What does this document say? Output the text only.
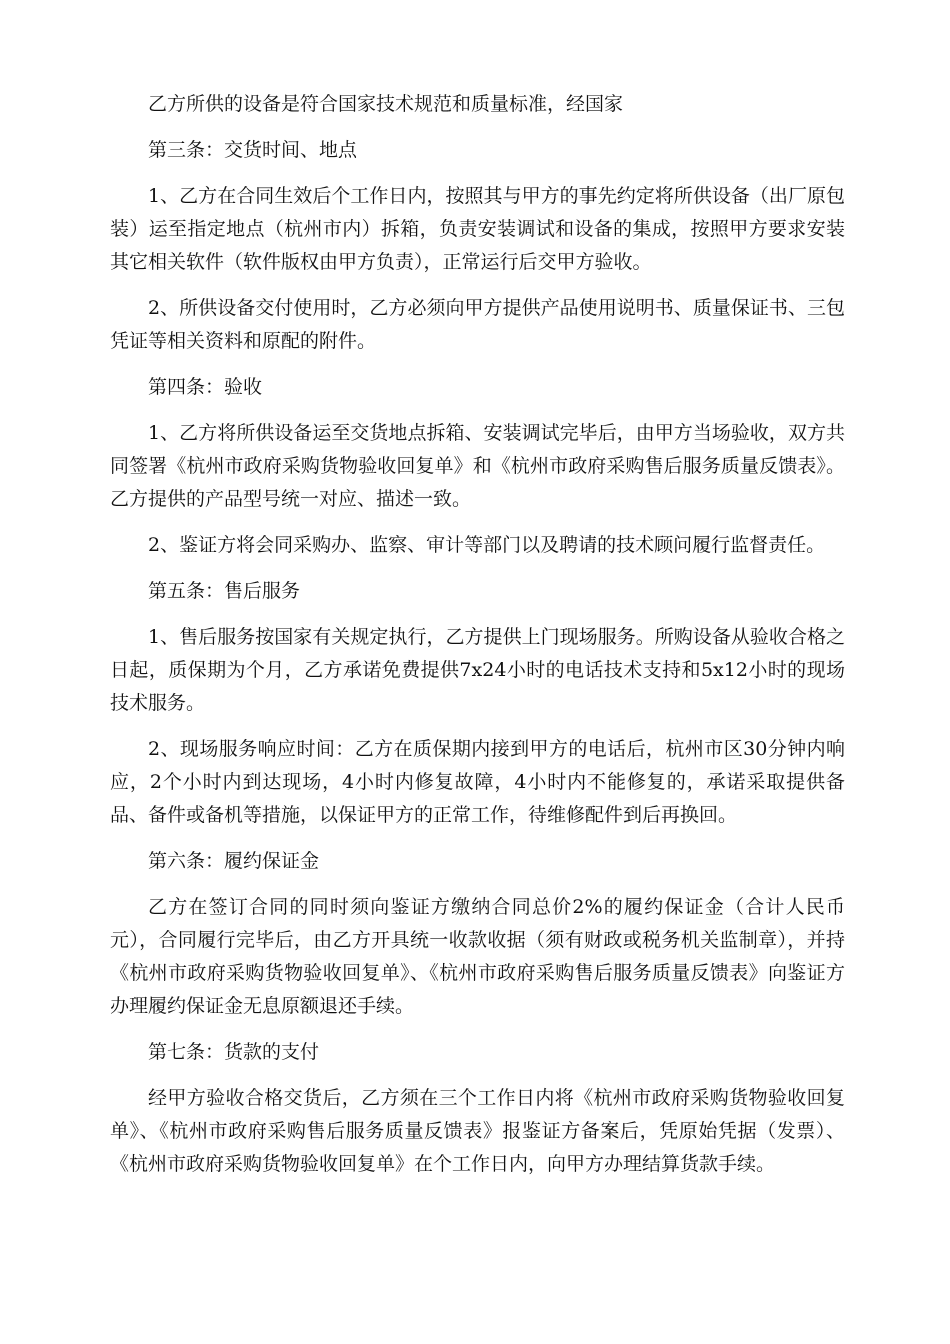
乙方所供的设备是符合国家技术规范和质量标准，经国家

第三条：交货时间、地点

1、乙方在合同生效后个工作日内，按照其与甲方的事先约定将所供设备（出厂原包装）运至指定地点（杭州市内）拆箱，负责安装调试和设备的集成，按照甲方要求安装其它相关软件（软件版权由甲方负责），正常运行后交甲方验收。

2、所供设备交付使用时，乙方必须向甲方提供产品使用说明书、质量保证书、三包凭证等相关资料和原配的附件。

第四条：验收

1、乙方将所供设备运至交货地点拆箱、安装调试完毕后，由甲方当场验收，双方共同签署《杭州市政府采购货物验收回复单》和《杭州市政府采购售后服务质量反馈表》。乙方提供的产品型号统一对应、描述一致。

2、鉴证方将会同采购办、监察、审计等部门以及聘请的技术顾问履行监督责任。

第五条：售后服务

1、售后服务按国家有关规定执行，乙方提供上门现场服务。所购设备从验收合格之日起，质保期为个月，乙方承诺免费提供7x24小时的电话技术支持和5x12小时的现场技术服务。

2、现场服务响应时间：乙方在质保期内接到甲方的电话后，杭州市区30分钟内响应，2个小时内到达现场，4小时内修复故障，4小时内不能修复的，承诺采取提供备品、备件或备机等措施，以保证甲方的正常工作，待维修配件到后再换回。

第六条：履约保证金

乙方在签订合同的同时须向鉴证方缴纳合同总价2%的履约保证金（合计人民币元），合同履行完毕后，由乙方开具统一收款收据（须有财政或税务机关监制章），并持《杭州市政府采购货物验收回复单》、《杭州市政府采购售后服务质量反馈表》向鉴证方办理履约保证金无息原额退还手续。

第七条：货款的支付

经甲方验收合格交货后，乙方须在三个工作日内将《杭州市政府采购货物验收回复单》、《杭州市政府采购售后服务质量反馈表》报鉴证方备案后，凭原始凭据（发票）、《杭州市政府采购货物验收回复单》在个工作日内，向甲方办理结算货款手续。
